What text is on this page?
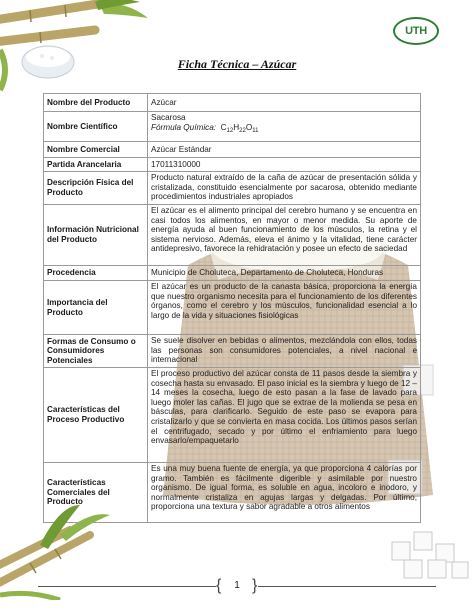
UTH
Ficha Técnica – Azúcar
Nombre del Producto	Azúcar
Nombre Científico	Sacarosa
Fórmula Química: $C_{12}H_{22}O_{11}$

Nombre Comercial	Azúcar Estándar
Partida Arancelaria	17011310000
Descripción Física del Producto	Producto natural extraído de la caña de azúcar de presentación sólida y cristalizada, constituido esencialmente por sacarosa, obtenido mediante procedimientos industriales apropiados
Información Nutricional del Producto	El azúcar es el alimento principal del cerebro humano y se encuentra en casi todos los alimentos, en mayor o menor medida. Su aporte de energía ayuda al buen funcionamiento de los músculos, la retina y el sistema nervioso. Además, eleva el ánimo y la vitalidad, tiene carácter antidepresivo, favorece la rehidratación y posee un efecto de saciedad
Procedencia	Municipio de Choluteca, Departamento de Choluteca, Honduras
Importancia del Producto	El azúcar es un producto de la canasta básica, proporciona la energía que nuestro organismo necesita para el funcionamiento de los diferentes órganos, como el cerebro y los músculos, funcionalidad esencial a lo largo de la vida y situaciones fisiológicas
Formas de Consumo o Consumidores Potenciales	Se suele disolver en bebidas o alimentos, mezclándola con ellos, todas las personas son consumidores potenciales, a nivel nacional e internacional
Características del Proceso Productivo	El proceso productivo del azúcar consta de 11 pasos desde la siembra y cosecha hasta su envasado. El paso inicial es la siembra y luego de 12 – 14 meses la cosecha, luego de esto pasan a la fase de lavado para luego moler las cañas. El jugo que se extrae de la molienda se pesa en básculas, para clarificarlo. Seguido de este paso se evapora para cristalizarlo y que se convierta en masa cocida. Los últimos pasos serían el centrifugado, secado y por último el enfriamiento para luego envasarlo/empaquetarlo
Características Comerciales del Producto	Es una muy buena fuente de energía, ya que proporciona 4 calorías por gramo. También es fácilmente digerible y asimilable por nuestro organismo. De igual forma, es soluble en agua, incoloro e inodoro, y normalmente cristaliza en agujas largas y delgadas. Por último, proporciona una textura y sabor agradable a otros alimentos
{	1 }
